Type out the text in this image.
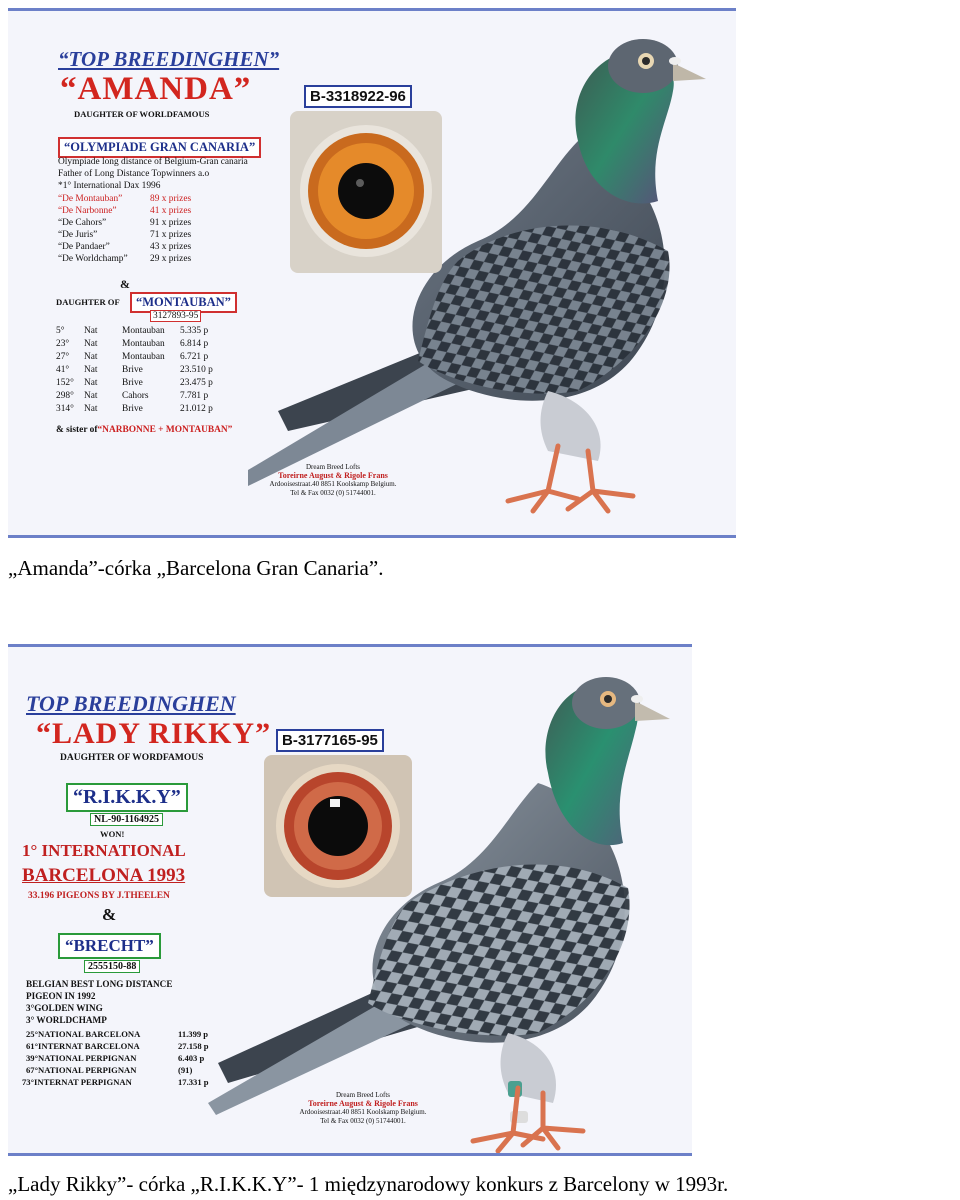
“TOP BREEDINGHEN”
“AMANDA”
DAUGHTER OF WORLDFAMOUS
B-3318922-96
“OLYMPIADE GRAN CANARIA”
Olympiade long distance of Belgium-Gran canaria
Father of Long Distance Topwinners a.o
*1° International Dax 1996
“De Montauban”	89 x prizes
“De Narbonne”	41 x prizes
“De Cahors”	91 x prizes
“De Juris”	71 x prizes
“De Pandaer”	43 x prizes
“De Worldchamp” 29 x prizes
&
DAUGHTER OF	“MONTAUBAN”
3127893-95
5° Nat	Montauban 5.335 p
23° Nat	Montauban 6.814 p
27° Nat	Montauban 6.721 p
41° Nat	Brive	23.510 p
152° Nat	Brive	23.475 p
298° Nat	Cahors	7.781 p
314° Nat	Brive	21.012 p
& sister of“NARBONNE + MONTAUBAN”
Dream Breed Lofts
Toreirne August & Rigole Frans
Ardooisestraat.40 8851 Koolskamp Belgium.
Tel & Fax 0032 (0) 51744001.
„Amanda”-córka „Barcelona Gran Canaria”.
TOP BREEDINGHEN
“LADY RIKKY”
DAUGHTER OF WORDFAMOUS
B-3177165-95
“R.I.K.K.Y”
NL-90-1164925
WON!
1° INTERNATIONAL
BARCELONA 1993
33.196 PIGEONS BY J.THEELEN
&
“BRECHT”
2555150-88
BELGIAN BEST LONG DISTANCE
PIGEON IN 1992
3°GOLDEN WING
3° WORLDCHAMP
25°NATIONAL BARCELONA	11.399 p
61°INTERNAT BARCELONA	27.158 p
39°NATIONAL PERPIGNAN	6.403 p
67°NATIONAL PERPIGNAN	(91)
73°INTERNAT PERPIGNAN	17.331 p
Dream Breed Lofts
Toreirne August & Rigole Frans
Ardooisestraat.40 8851 Koolskamp Belgium.
Tel & Fax 0032 (0) 51744001.
„Lady Rikky”- córka „R.I.K.K.Y”- 1 międzynarodowy konkurs z Barcelony w 1993r.
